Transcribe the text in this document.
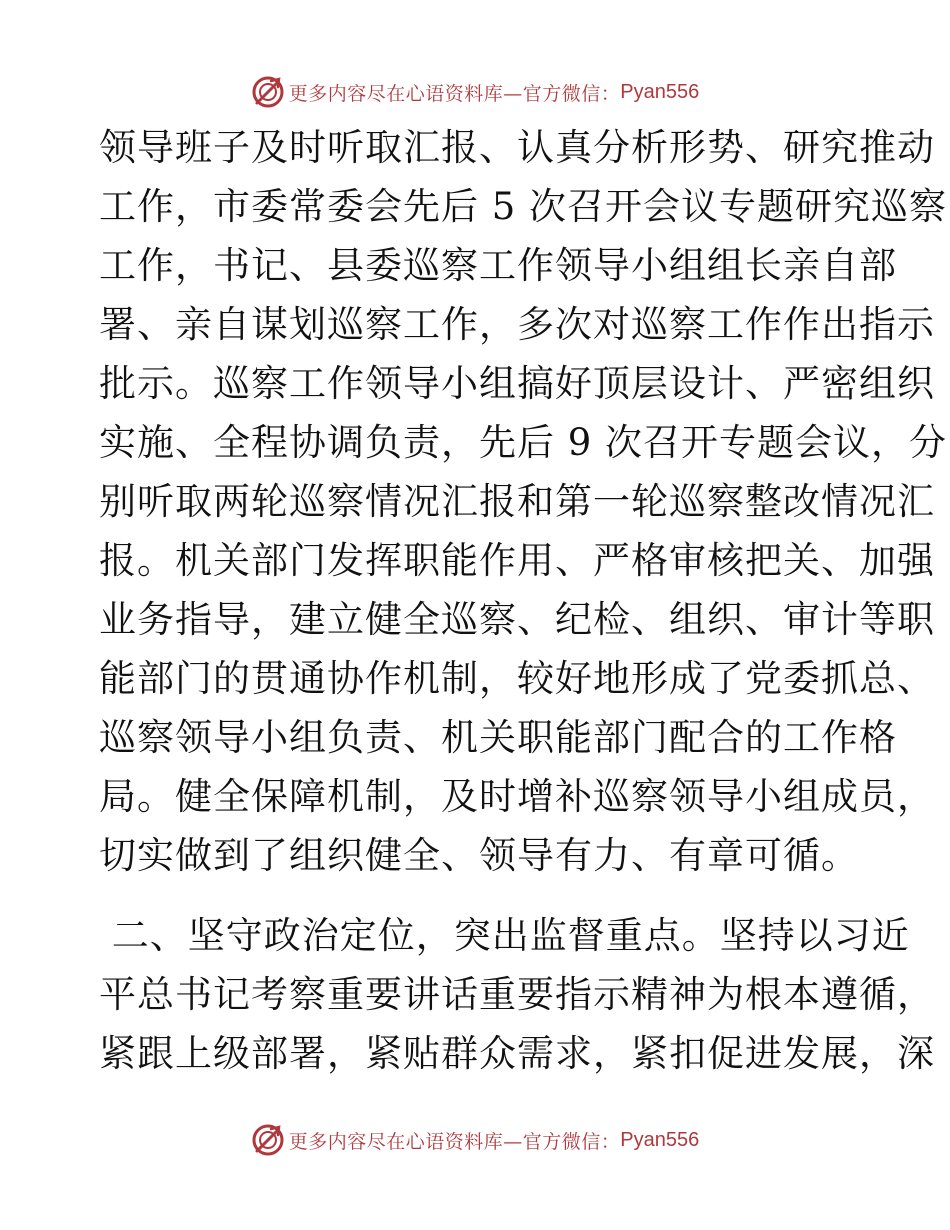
更多内容尽在心语资料库—官方微信： Pyan556
领导班子及时听取汇报、认真分析形势、研究推动
工作，市委常委会先后 5 次召开会议专题研究巡察
工作，书记、县委巡察工作领导小组组长亲自部
署、亲自谋划巡察工作，多次对巡察工作作出指示
批示。巡察工作领导小组搞好顶层设计、严密组织
实施、全程协调负责，先后 9 次召开专题会议，分
别听取两轮巡察情况汇报和第一轮巡察整改情况汇
报。机关部门发挥职能作用、严格审核把关、加强
业务指导，建立健全巡察、纪检、组织、审计等职
能部门的贯通协作机制，较好地形成了党委抓总、
巡察领导小组负责、机关职能部门配合的工作格
局。健全保障机制，及时增补巡察领导小组成员，
切实做到了组织健全、领导有力、有章可循。
二、坚守政治定位，突出监督重点。坚持以习近
平总书记考察重要讲话重要指示精神为根本遵循，
紧跟上级部署，紧贴群众需求，紧扣促进发展，深
更多内容尽在心语资料库—官方微信： Pyan556
